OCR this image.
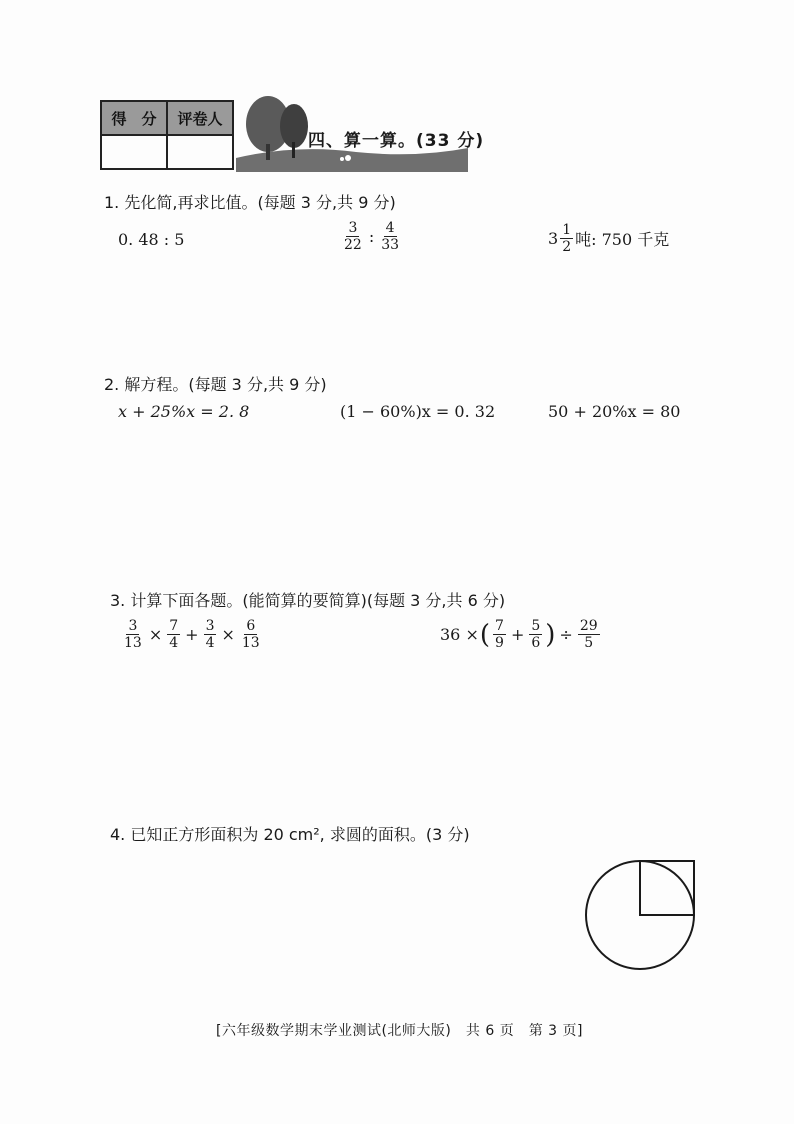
得　分	评卷人

四、算一算。(33 分)
1. 先化简,再求比值。(每题 3 分,共 9 分)
0. 48 : 5	$\frac{3}{22}$ : $\frac{4}{33}$	$3 \frac{1}{2}$ 吨: 750 千克
2. 解方程。(每题 3 分,共 9 分)
x + 25%x = 2. 8	(1 − 60%)x = 0. 32	50 + 20%x = 80
3. 计算下面各题。(能简算的要简算)(每题 3 分,共 6 分)
$\frac{3}{13} \times \frac{7}{4} + \frac{3}{4} \times \frac{6}{13}$	36 × ( $\frac{7}{9} + \frac{5}{6}$ ) ÷ $\frac{29}{5}$
4. 已知正方形面积为 20 cm², 求圆的面积。(3 分)
[六年级数学期末学业测试(北师大版)　共 6 页　第 3 页]
